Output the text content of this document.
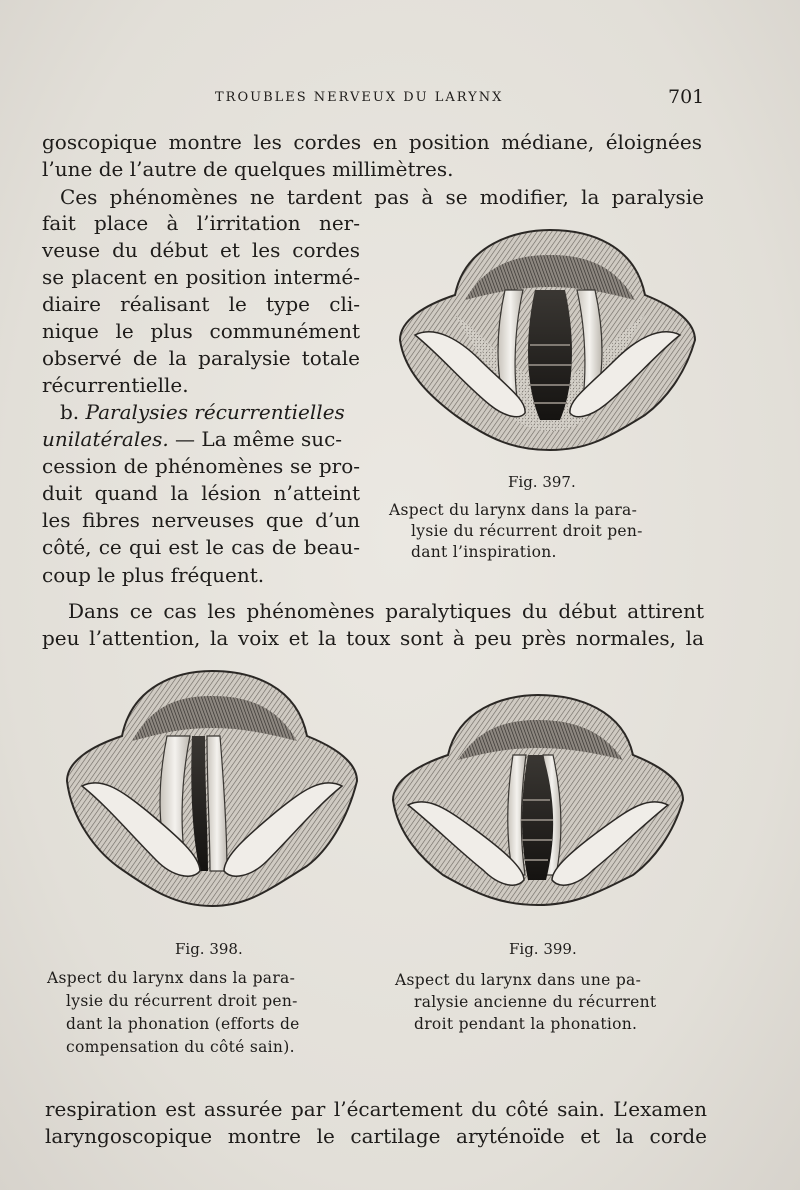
TROUBLES NERVEUX DU LARYNX	701
goscopique montre les cordes en position médiane, éloignées
l’une de l’autre de quelques millimètres.
Ces phénomènes ne tardent pas à se modifier, la paralysie
fait place à l’irritation ner-
veuse du début et les cordes
se placent en position intermé-
diaire réalisant le type cli-
nique le plus communément
observé de la paralysie totale
récurrentielle.
b. Paralysies récurrentielles
unilatérales. — La même suc-
cession de phénomènes se pro-
duit quand la lésion n’atteint
les fibres nerveuses que d’un
côté, ce qui est le cas de beau-
coup le plus fréquent.
Dans ce cas les phénomènes paralytiques du début attirent
peu l’attention, la voix et la toux sont à peu près normales, la
Fig. 397.
Aspect du larynx dans la para-
lysie du récurrent droit pen-
dant l’inspiration.
Fig. 398.
Aspect du larynx dans la para-
lysie du récurrent droit pen-
dant la phonation (efforts de
compensation du côté sain).
Fig. 399.
Aspect du larynx dans une pa-
ralysie ancienne du récurrent
droit pendant la phonation.
respiration est assurée par l’écartement du côté sain. L’examen
laryngoscopique montre le cartilage aryténoïde et la corde
